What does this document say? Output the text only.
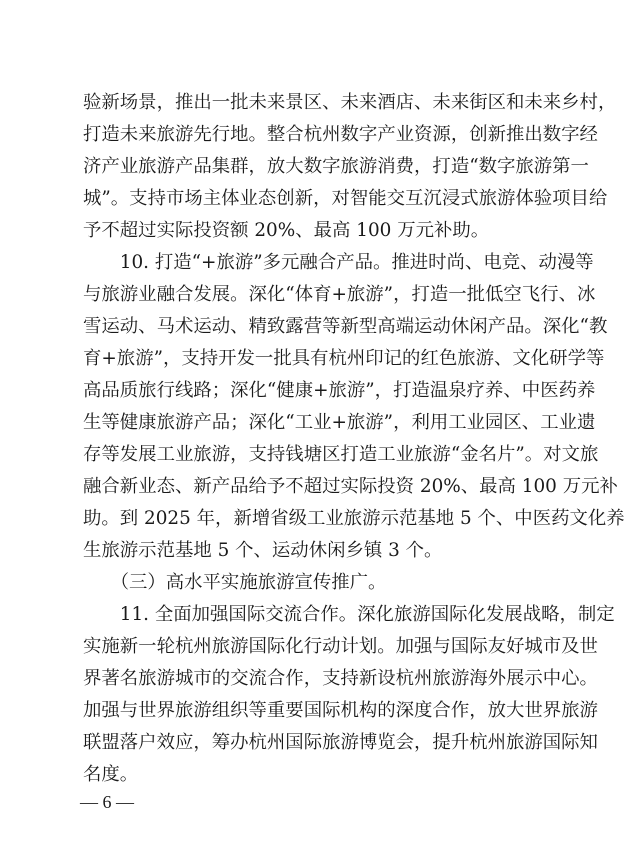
验新场景，推出一批未来景区、未来酒店、未来街区和未来乡村，
打造未来旅游先行地。整合杭州数字产业资源，创新推出数字经
济产业旅游产品集群，放大数字旅游消费，打造“数字旅游第一
城”。支持市场主体业态创新，对智能交互沉浸式旅游体验项目给
予不超过实际投资额 20%、最高 100 万元补助。
　　10. 打造“+旅游”多元融合产品。推进时尚、电竞、动漫等
与旅游业融合发展。深化“体育+旅游”，打造一批低空飞行、冰
雪运动、马术运动、精致露营等新型高端运动休闲产品。深化“教
育+旅游”，支持开发一批具有杭州印记的红色旅游、文化研学等
高品质旅行线路；深化“健康+旅游”，打造温泉疗养、中医药养
生等健康旅游产品；深化“工业+旅游”，利用工业园区、工业遗
存等发展工业旅游，支持钱塘区打造工业旅游“金名片”。对文旅
融合新业态、新产品给予不超过实际投资 20%、最高 100 万元补
助。到 2025 年，新增省级工业旅游示范基地 5 个、中医药文化养
生旅游示范基地 5 个、运动休闲乡镇 3 个。
　　（三）高水平实施旅游宣传推广。
　　11. 全面加强国际交流合作。深化旅游国际化发展战略，制定
实施新一轮杭州旅游国际化行动计划。加强与国际友好城市及世
界著名旅游城市的交流合作，支持新设杭州旅游海外展示中心。
加强与世界旅游组织等重要国际机构的深度合作，放大世界旅游
联盟落户效应，筹办杭州国际旅游博览会，提升杭州旅游国际知
名度。
— 6 —
